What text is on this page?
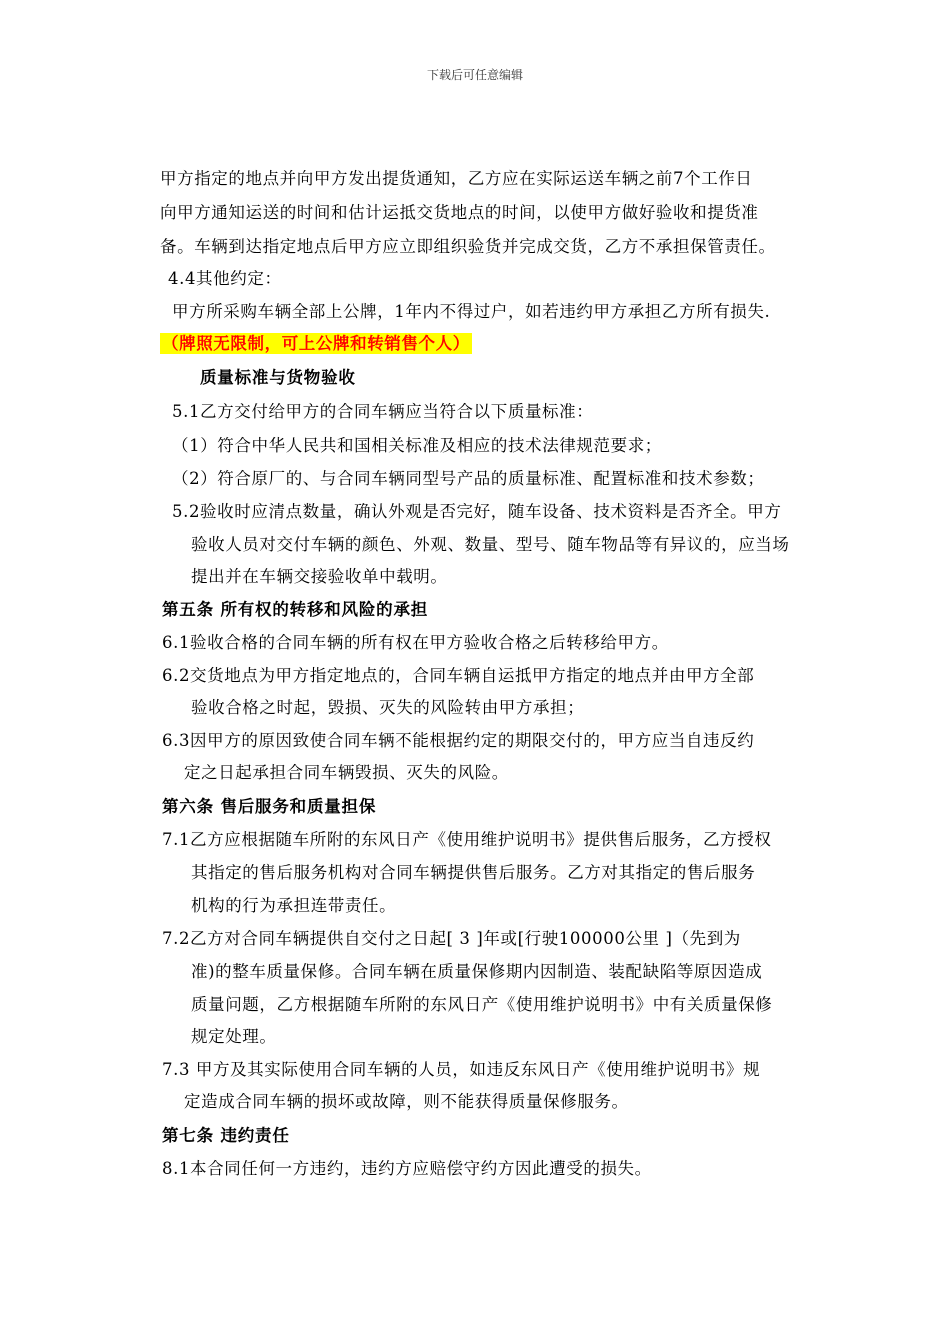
下载后可任意编辑
甲方指定的地点并向甲方发出提货通知，乙方应在实际运送车辆之前7个工作日
向甲方通知运送的时间和估计运抵交货地点的时间，以使甲方做好验收和提货准
备。车辆到达指定地点后甲方应立即组织验货并完成交货，乙方不承担保管责任。
4.4其他约定：
甲方所采购车辆全部上公牌，1年内不得过户，如若违约甲方承担乙方所有损失.
（牌照无限制，可上公牌和转销售个人）
质量标准与货物验收
5.1乙方交付给甲方的合同车辆应当符合以下质量标准：
（1）符合中华人民共和国相关标准及相应的技术法律规范要求；
（2）符合原厂的、与合同车辆同型号产品的质量标准、配置标准和技术参数；
5.2验收时应清点数量，确认外观是否完好，随车设备、技术资料是否齐全。甲方
验收人员对交付车辆的颜色、外观、数量、型号、随车物品等有异议的，应当场
提出并在车辆交接验收单中载明。
第五条 所有权的转移和风险的承担
6.1验收合格的合同车辆的所有权在甲方验收合格之后转移给甲方。
6.2交货地点为甲方指定地点的，合同车辆自运抵甲方指定的地点并由甲方全部
验收合格之时起，毁损、灭失的风险转由甲方承担；
6.3因甲方的原因致使合同车辆不能根据约定的期限交付的，甲方应当自违反约
定之日起承担合同车辆毁损、灭失的风险。
第六条 售后服务和质量担保
7.1乙方应根据随车所附的东风日产《使用维护说明书》提供售后服务，乙方授权
其指定的售后服务机构对合同车辆提供售后服务。乙方对其指定的售后服务
机构的行为承担连带责任。
7.2乙方对合同车辆提供自交付之日起[ 3 ]年或[行驶100000公里 ]（先到为
准)的整车质量保修。合同车辆在质量保修期内因制造、装配缺陷等原因造成
质量问题，乙方根据随车所附的东风日产《使用维护说明书》中有关质量保修
规定处理。
7.3 甲方及其实际使用合同车辆的人员，如违反东风日产《使用维护说明书》规
定造成合同车辆的损坏或故障，则不能获得质量保修服务。
第七条 违约责任
8.1本合同任何一方违约，违约方应赔偿守约方因此遭受的损失。
